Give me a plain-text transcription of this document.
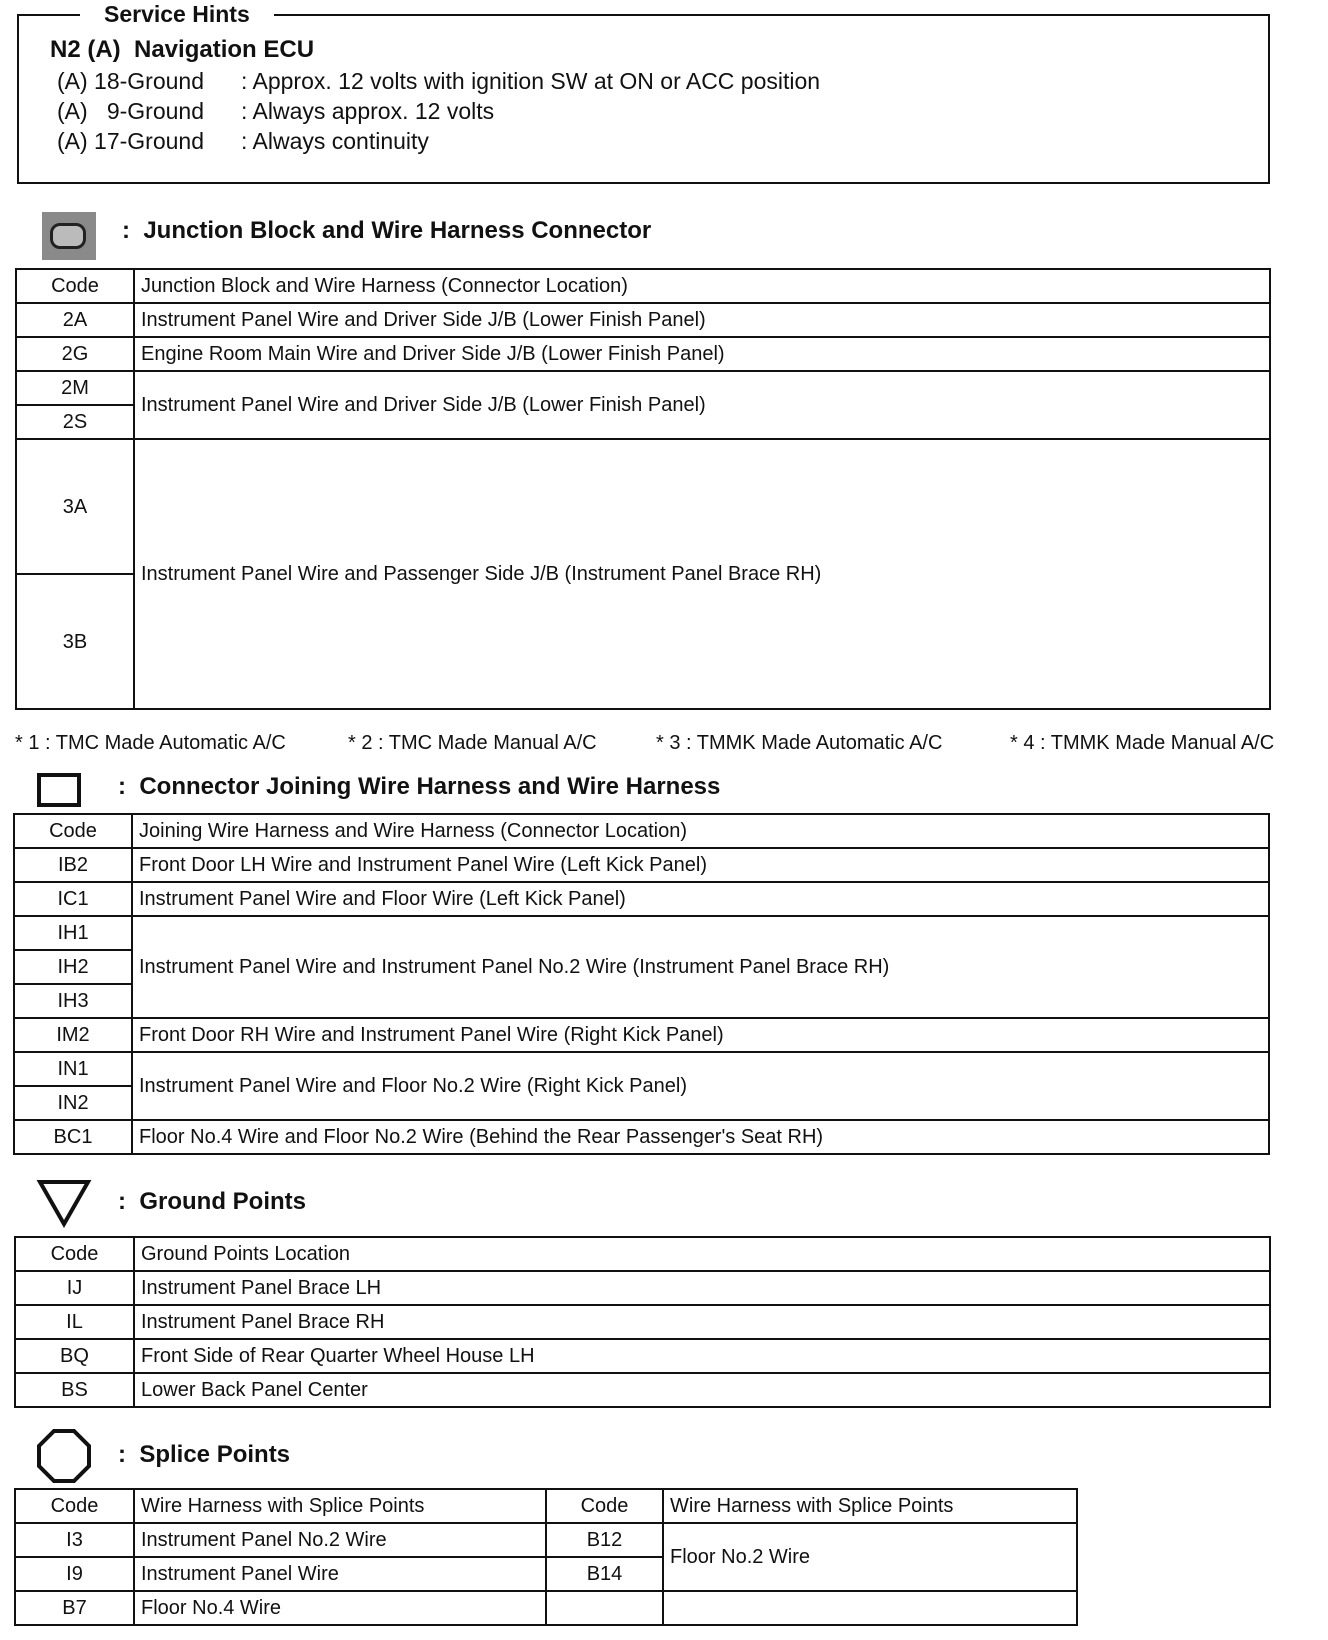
Service Hints
N2 (A)  Navigation ECU
(A) 18-Ground : Approx. 12 volts with ignition SW at ON or ACC position
(A)   9-Ground : Always approx. 12 volts
(A) 17-Ground : Always continuity
:  Junction Block and Wire Harness Connector
Code	Junction Block and Wire Harness (Connector Location)
2A	Instrument Panel Wire and Driver Side J/B (Lower Finish Panel)
2G	Engine Room Main Wire and Driver Side J/B (Lower Finish Panel)
2M	Instrument Panel Wire and Driver Side J/B (Lower Finish Panel)
2S	
3A	Instrument Panel Wire and Passenger Side J/B (Instrument Panel Brace RH)
3B	
* 1 : TMC Made Automatic A/C	* 2 : TMC Made Manual A/C	* 3 : TMMK Made Automatic A/C	* 4 : TMMK Made Manual A/C
:  Connector Joining Wire Harness and Wire Harness
Code	Joining Wire Harness and Wire Harness (Connector Location)
IB2	Front Door LH Wire and Instrument Panel Wire (Left Kick Panel)
IC1	Instrument Panel Wire and Floor Wire (Left Kick Panel)
IH1	Instrument Panel Wire and Instrument Panel No.2 Wire (Instrument Panel Brace RH)
IH2	
IH3	
IM2	Front Door RH Wire and Instrument Panel Wire (Right Kick Panel)
IN1	Instrument Panel Wire and Floor No.2 Wire (Right Kick Panel)
IN2	
BC1	Floor No.4 Wire and Floor No.2 Wire (Behind the Rear Passenger's Seat RH)
:  Ground Points
Code	Ground Points Location
IJ	Instrument Panel Brace LH
IL	Instrument Panel Brace RH
BQ	Front Side of Rear Quarter Wheel House LH
BS	Lower Back Panel Center
:  Splice Points
Code	Wire Harness with Splice Points	Code	Wire Harness with Splice Points
I3	Instrument Panel No.2 Wire	B12	Floor No.2 Wire
I9	Instrument Panel Wire	B14	
B7	Floor No.4 Wire		
